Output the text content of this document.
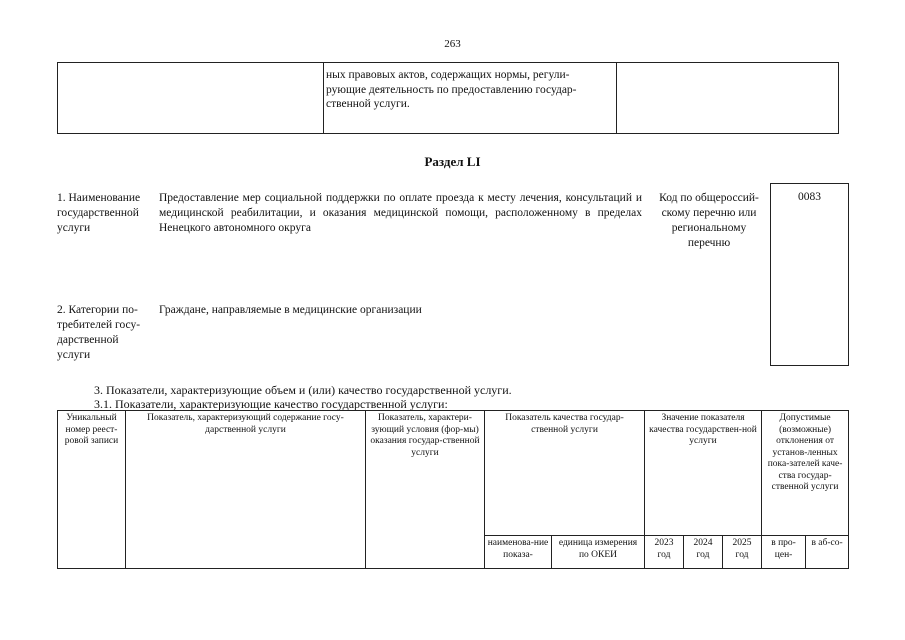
263
ных правовых актов, содержащих нормы, регули-
рующие деятельность по предоставлению государ-
ственной услуги.
Раздел LI
1. Наименование
государственной
услуги
Предоставление мер социальной поддержки по оплате проезда к месту лечения, консультаций и медицинской реабилитации, и оказания медицинской помощи, расположенному в пределах Ненецкого автономного округа
Код по общероссий-
скому перечню или
региональному
перечню
0083
2. Категории по-
требителей госу-
дарственной
услуги
Граждане, направляемые в медицинские организации
3. Показатели, характеризующие объем и (или) качество государственной услуги.
3.1. Показатели, характеризующие качество государственной услуги:
Уникальный номер реест-ровой записи	Показатель, характеризующий содержание госу-дарственной услуги	Показатель, характери-зующий условия (фор-мы) оказания государ-ственной услуги	Показатель качества государ-ственной услуги		Значение показателя качества государствен-ной услуги			Допустимые (возможные) отклонения от установ-ленных пока-зателей каче-ства государ-ственной услуги	
			наименова-ние показа-	единица измерения по ОКЕИ	2023 год	2024 год	2025 год	в про-цен-	в аб-со-
